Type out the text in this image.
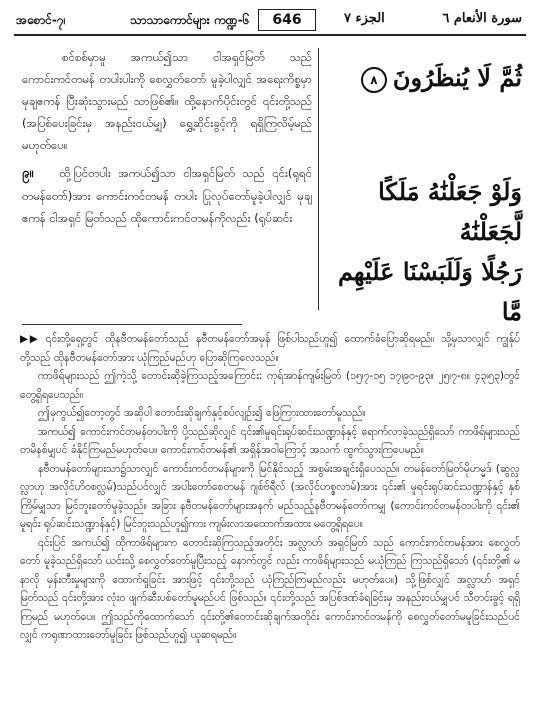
အစောင်-၇၊	သာသာကောင်များ ကဏ္ဍ-၆	646	الجزء ٧	سورة الأنعام ٦

စင်စစ်မှာမူ အကယ်၍သာ ငါအရှင်မြတ် သည် ကောင်းကင်တမန် တပါးပါးကို စေလွှတ်တော် မူခဲ့ပါလျှင် အရေးကိစ္စမှာ မုချဧကန် ပြီးဆုံးသွားမည် သာဖြစ်၏။ ထို့နောက်ပိုင်းတွင် ၎င်းတို့သည် (အပြစ်ပေးခြင်းမှ အနည်းငယ်မျှ) ရွှေ့ဆိုင်းခွင့်ကို ရရှိကြလိမ့်မည် မဟုတ်ပေ။

၉။ ထို့ပြင်တပါး အကယ်၍သာ ငါအရှင်မြတ် သည် ၎င်း(ရုရင်တမန်တော်)အား ကောင်းကင်တမန် တပါး ပြုလုပ်တော်မူခဲ့ပါလျှင် မုချဧကန် ငါအရှင် မြတ်သည် ထိုကောင်းကင်တမန်ကိုလည်း (ရုပ်ဆင်း

ثُمَّ لَا يُنظَرُونَ٨
وَلَوْ جَعَلْنَٰهُ مَلَكًا لَّجَعَلْنَٰهُ
رَجُلًا وَلَلَبَسْنَا عَلَيْهِم مَّا

▶▶ ၎င်းတို့ရှေ့တွင် ထိုနဗီတမန်တော်သည် နဗီတမန်တော်အမှန် ဖြစ်ပါသည်ဟူ၍ ထောက်ခံပြောဆိုရမည်။ သို့မှသာလျှင် ကျွန်ုပ်တို့သည် ထိုနဗီတမန်တော်အား ယုံကြည်မည်ဟု ပြောဆိုကြလေသည်။

ကာဖိရ်များသည် ဤကဲ့သို့ တောင်းဆိုခဲ့ကြသည့်အကြောင်း: ကုရ်အာန်ကျမ်းမြတ် (၁၅၊၇-၁၅ ၁၇၊၉၀-၉၃။ ၂၅၊၇-၈။ ၄၃၊၅၃)တွင် တွေ့ရှိရပေသည်။

ဤမှကွယ်၍တော့တွင် အဆိုပါ တောင်းဆိုချက်နှင့်စပ်လျဉ်း၍ ဖြေကြားထားတော်မူသည်။

အကယ်၍ ကောင်းကင်တမန်တပါးကို ပို့သည်ဆိုလျှင် ၎င်း၏မူရင်းရုပ်ဆင်းသဏ္ဍာန်နှင့် ရောက်လာခဲ့သည်ရှိသော် ကာဖိရ်များသည် တမိနစ်မျှပင် ခံနိုင်ကြမည်မဟုတ်ပေ။ ကောင်းကင်တမန်၏ အရှိန်အဝါကြောင့် အသက် ထွက်သွားကြပေမည်။

နဗီတမန်တော်များသာ၌သာလျှင် ကောင်းကင်တမန်များကို မြင်နိုင်သည့် အစွမ်းအချင်းရှိပေသည်။ တမန်တော်မြတ်မိုဟမ္မဒ် (ဆွလ္လလ္လာဟု အလိုင်ဟိဝစလ္လမ်)သည်ပင်လျှင် အပါးတော်စေတမန် ဂျစ်ဗ်ရီလ် (အလိုင်ဟစ္စလာမ်)အား ၎င်း၏ မူရင်းရုပ်ဆင်းသဏ္ဍာန်နှင့် နှစ်ကြိမ်မျှသာ မြင်ဘူးတော်မူခဲ့သည်။ အခြား နဗီတမန်တော်များအနက် မည်သည့်နဗီတမန်တော်ကမျှ (ကောင်းကင်တမန်တပါးကို ၎င်း၏ မူရင်း ရုပ်ဆင်းသဏ္ဍာန်နှင့်) မြင်ဘူးသည်ဟူ၍ကား ကျမ်းလာအထောက်အထား မတွေ့ရှိရပေ။

၎င်းပြင် အကယ်၍ ထိုကာဖိရ်များက တောင်းဆိုကြသည့်အတိုင်း အလ္လာဟ် အရှင်မြတ် သည် ကောင်းကင်တမန်အား စေလွှတ်တော် မူခဲ့သည်ရှိသော် ယင်းသို့ စေလွှတ်တော်မူပြီးသည့် နောက်တွင် လည်း ကာဖိရ်များသည် မယုံကြည် ကြသည်ရှိသော် (၎င်းတို့၏ မနာလို မှန်းတီးမှုများကို ထောက်ရှုခြင်း အားဖြင့် ၎င်းတို့သည် ယုံကြည်ကြမည်လည်း မဟုတ်ပေ။) သို့ဖြစ်လျှင် အလ္လာဟ် အရှင်မြတ်သည် ၎င်းတို့အား လုံးဝ ဖျက်ဆီးပစ်တော်မူမည်ပင် ဖြစ်သည်။ ၎င်းတို့သည် အပြစ်ဒဏ်ခံရခြင်းမှ အနည်းငယ်မျှပင် သီတင်းခွင့် ရရှိကြမည် မဟုတ်ပေ။ ဤသည်ကိုထောက်သော် ၎င်းတို့၏တောင်းဆိုချက်အတိုင်း ကောင်းကင်တမန်ကို စေလွှတ်တော်မမူခြင်းသည်ပင်လျှင် ကရုဏာထားတော်မူခြင်း ဖြစ်သည်ဟူ၍ ယူဆရမည်။
